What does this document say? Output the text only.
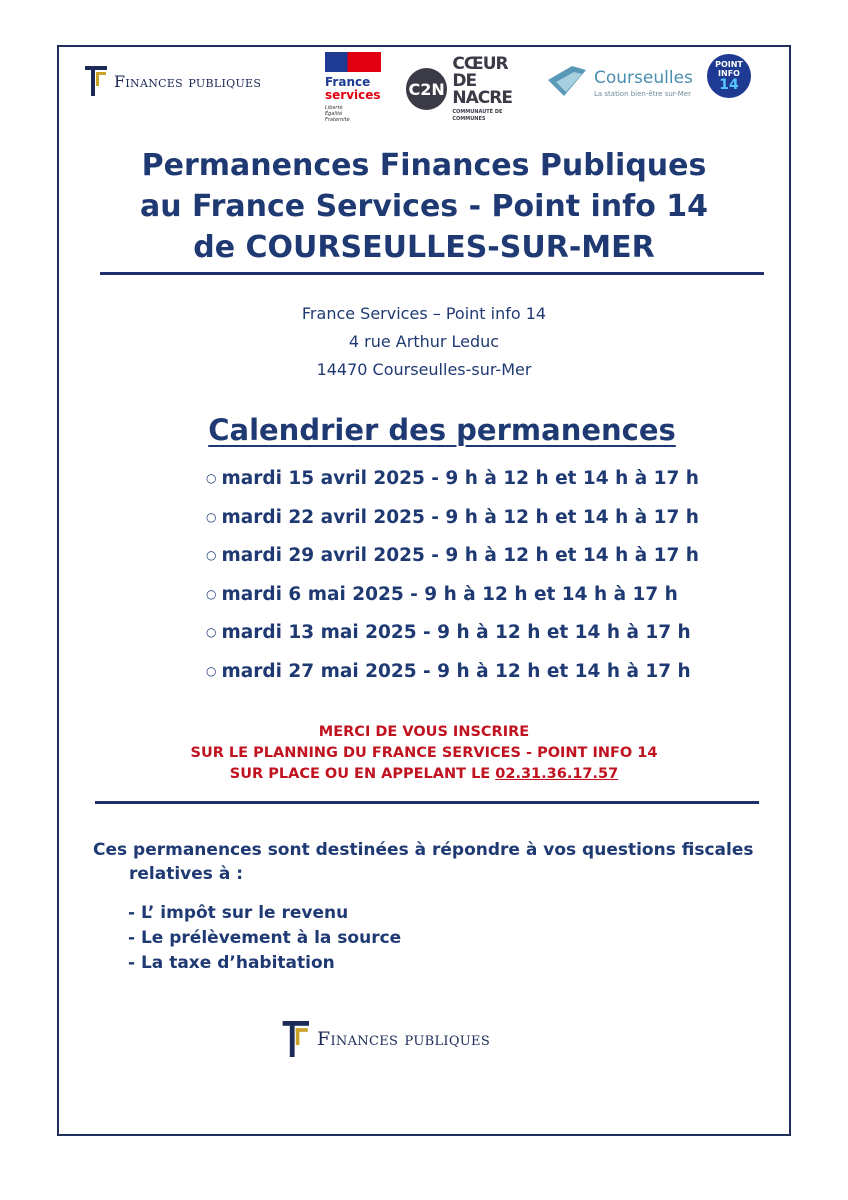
Finances publiques	France
services
Liberté Égalité Fraternité
C2N
CŒUR DE NACRE
COMMUNAUTÉ DE COMMUNES
Courseulles
La station bien-être sur-Mer
POINT
INFO
14
Permanences Finances Publiques
au France Services - Point info 14
de COURSEULLES-SUR-MER
France Services – Point info 14
4 rue Arthur Leduc
14470 Courseulles-sur-Mer
Calendrier des permanences
○ mardi 15 avril 2025 - 9 h à 12 h et 14 h à 17 h
○ mardi 22 avril 2025 - 9 h à 12 h et 14 h à 17 h
○ mardi 29 avril 2025 - 9 h à 12 h et 14 h à 17 h
○ mardi 6 mai 2025 - 9 h à 12 h et 14 h à 17 h
○ mardi 13 mai 2025 - 9 h à 12 h et 14 h à 17 h
○ mardi 27 mai 2025 - 9 h à 12 h et 14 h à 17 h
MERCI DE VOUS INSCRIRE
SUR LE PLANNING DU FRANCE SERVICES - POINT INFO 14
SUR PLACE OU EN APPELANT LE 02.31.36.17.57
Ces permanences sont destinées à répondre à vos questions fiscales
relatives à :
- L’ impôt sur le revenu
- Le prélèvement à la source
- La taxe d’habitation
Finances publiques
